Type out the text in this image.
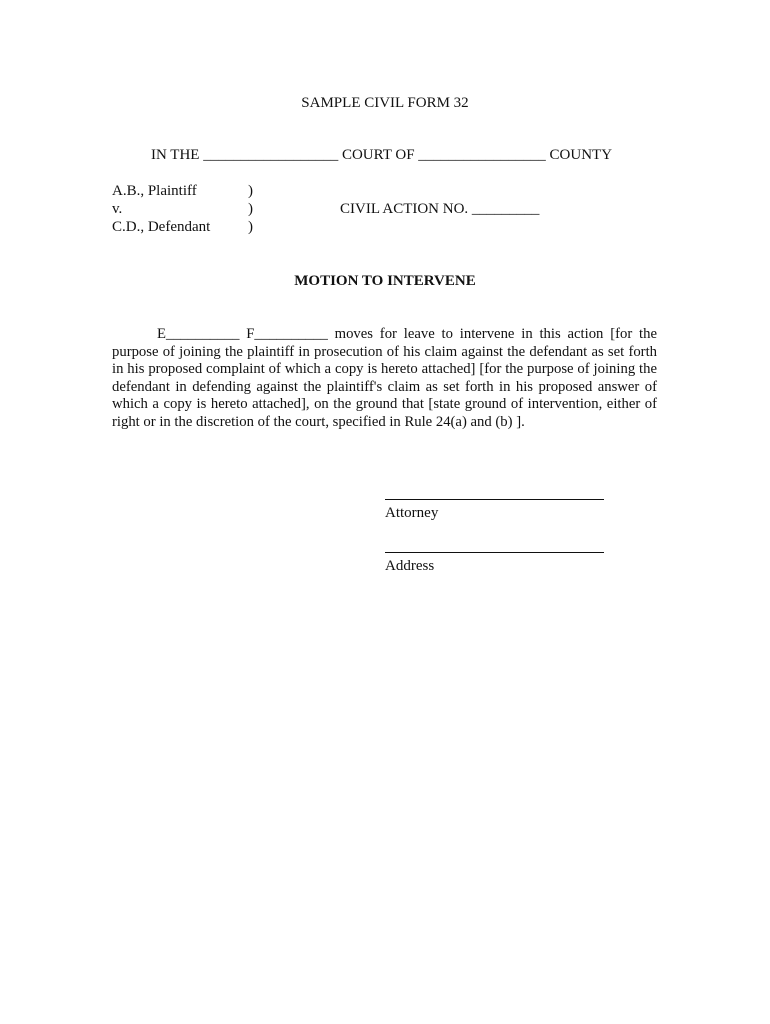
SAMPLE CIVIL FORM 32
IN THE __________________ COURT OF _________________ COUNTY
A.B., Plaintiff
v.
C.D., Defendant
)
)
)
CIVIL ACTION NO. _________
MOTION TO INTERVENE
E__________ F__________ moves for leave to intervene in this action [for the purpose of joining the plaintiff in prosecution of his claim against the defendant as set forth in his proposed complaint of which a copy is hereto attached] [for the purpose of joining the defendant in defending against the plaintiff's claim as set forth in his proposed answer of which a copy is hereto attached], on the ground that [state ground of intervention, either of right or in the discretion of the court, specified in Rule 24(a) and (b) ].
Attorney
Address
